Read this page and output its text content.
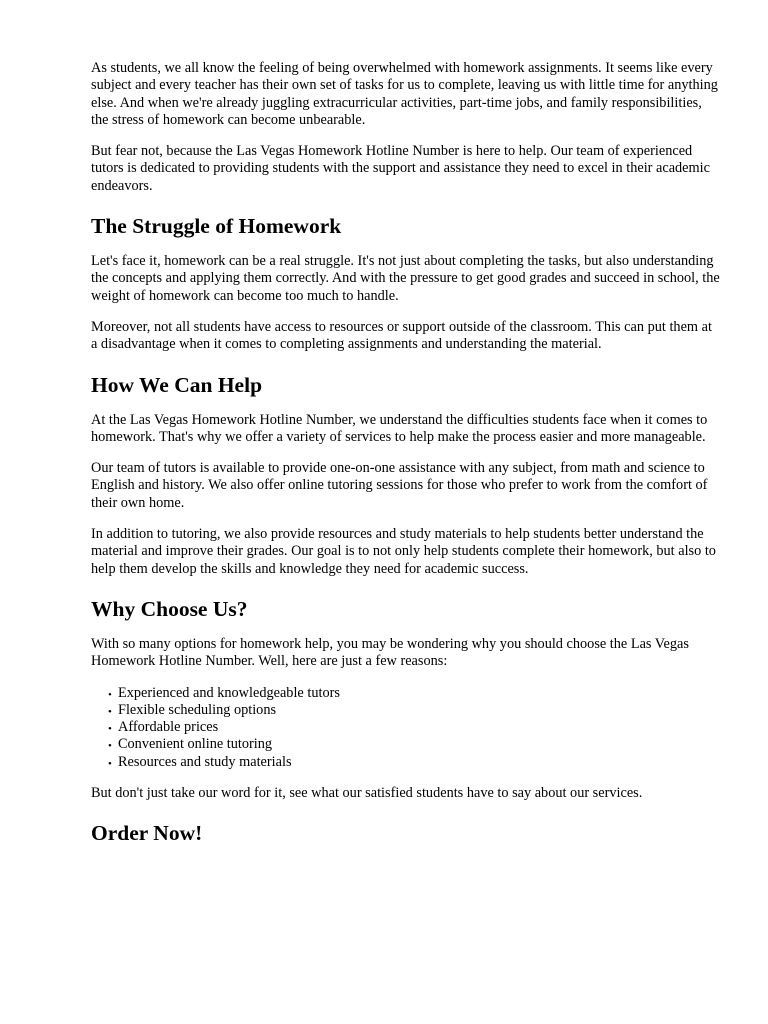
As students, we all know the feeling of being overwhelmed with homework assignments. It seems like every subject and every teacher has their own set of tasks for us to complete, leaving us with little time for anything else. And when we're already juggling extracurricular activities, part-time jobs, and family responsibilities, the stress of homework can become unbearable.

But fear not, because the Las Vegas Homework Hotline Number is here to help. Our team of experienced tutors is dedicated to providing students with the support and assistance they need to excel in their academic endeavors.

The Struggle of Homework

Let's face it, homework can be a real struggle. It's not just about completing the tasks, but also understanding the concepts and applying them correctly. And with the pressure to get good grades and succeed in school, the weight of homework can become too much to handle.

Moreover, not all students have access to resources or support outside of the classroom. This can put them at a disadvantage when it comes to completing assignments and understanding the material.

How We Can Help

At the Las Vegas Homework Hotline Number, we understand the difficulties students face when it comes to homework. That's why we offer a variety of services to help make the process easier and more manageable.

Our team of tutors is available to provide one-on-one assistance with any subject, from math and science to English and history. We also offer online tutoring sessions for those who prefer to work from the comfort of their own home.

In addition to tutoring, we also provide resources and study materials to help students better understand the material and improve their grades. Our goal is to not only help students complete their homework, but also to help them develop the skills and knowledge they need for academic success.

Why Choose Us?

With so many options for homework help, you may be wondering why you should choose the Las Vegas Homework Hotline Number. Well, here are just a few reasons:

• Experienced and knowledgeable tutors
• Flexible scheduling options
• Affordable prices
• Convenient online tutoring
• Resources and study materials

But don't just take our word for it, see what our satisfied students have to say about our services.

Order Now!
